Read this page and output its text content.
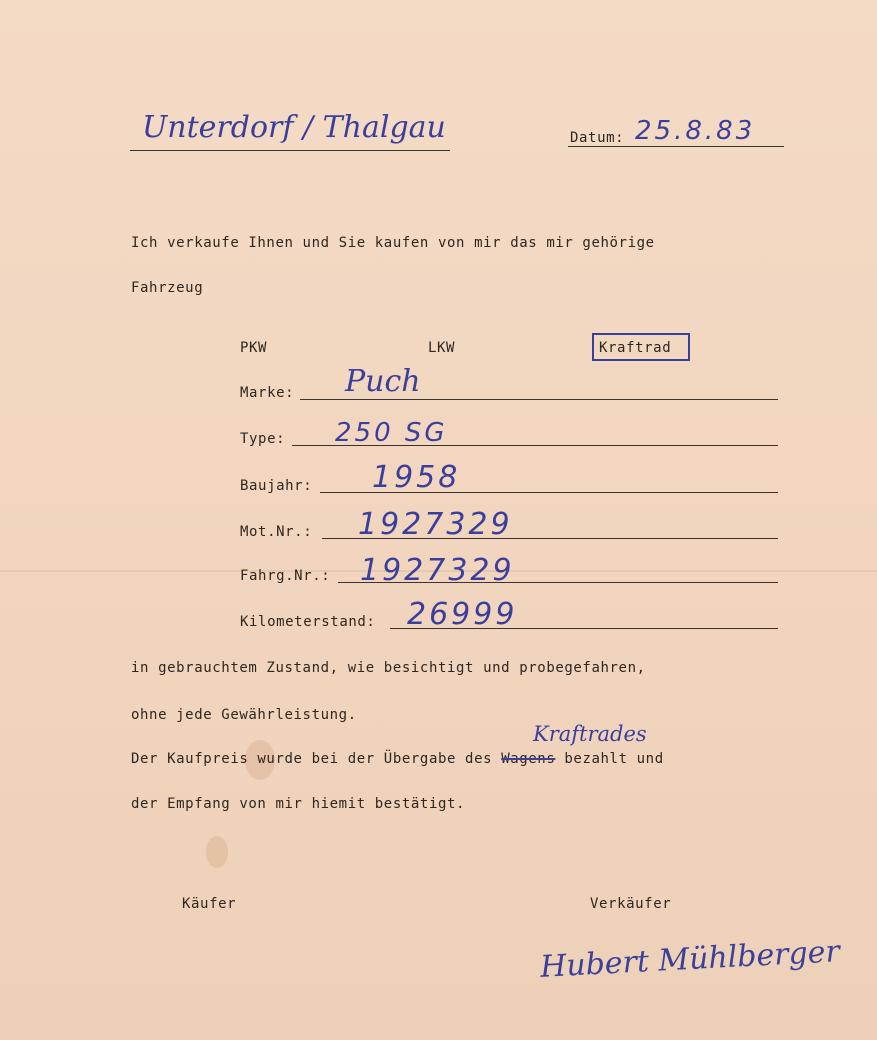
Unterdorf / Thalgau	Datum: 25.8.83
Ich verkaufe Ihnen und Sie kaufen von mir das mir gehörige
Fahrzeug
PKW	LKW	Kraftrad
Marke: Puch
Type: 250 SG
Baujahr: 1958
Mot.Nr.: 1927329
Fahrg.Nr.: 1927329
Kilometerstand: 26999
in gebrauchtem Zustand, wie besichtigt und probegefahren,
ohne jede Gewährleistung.
Kraftrades
Der Kaufpreis wurde bei der Übergabe des Wagens bezahlt und
der Empfang von mir hiemit bestätigt.
Käufer	Verkäufer
Hubert Mühlberger
